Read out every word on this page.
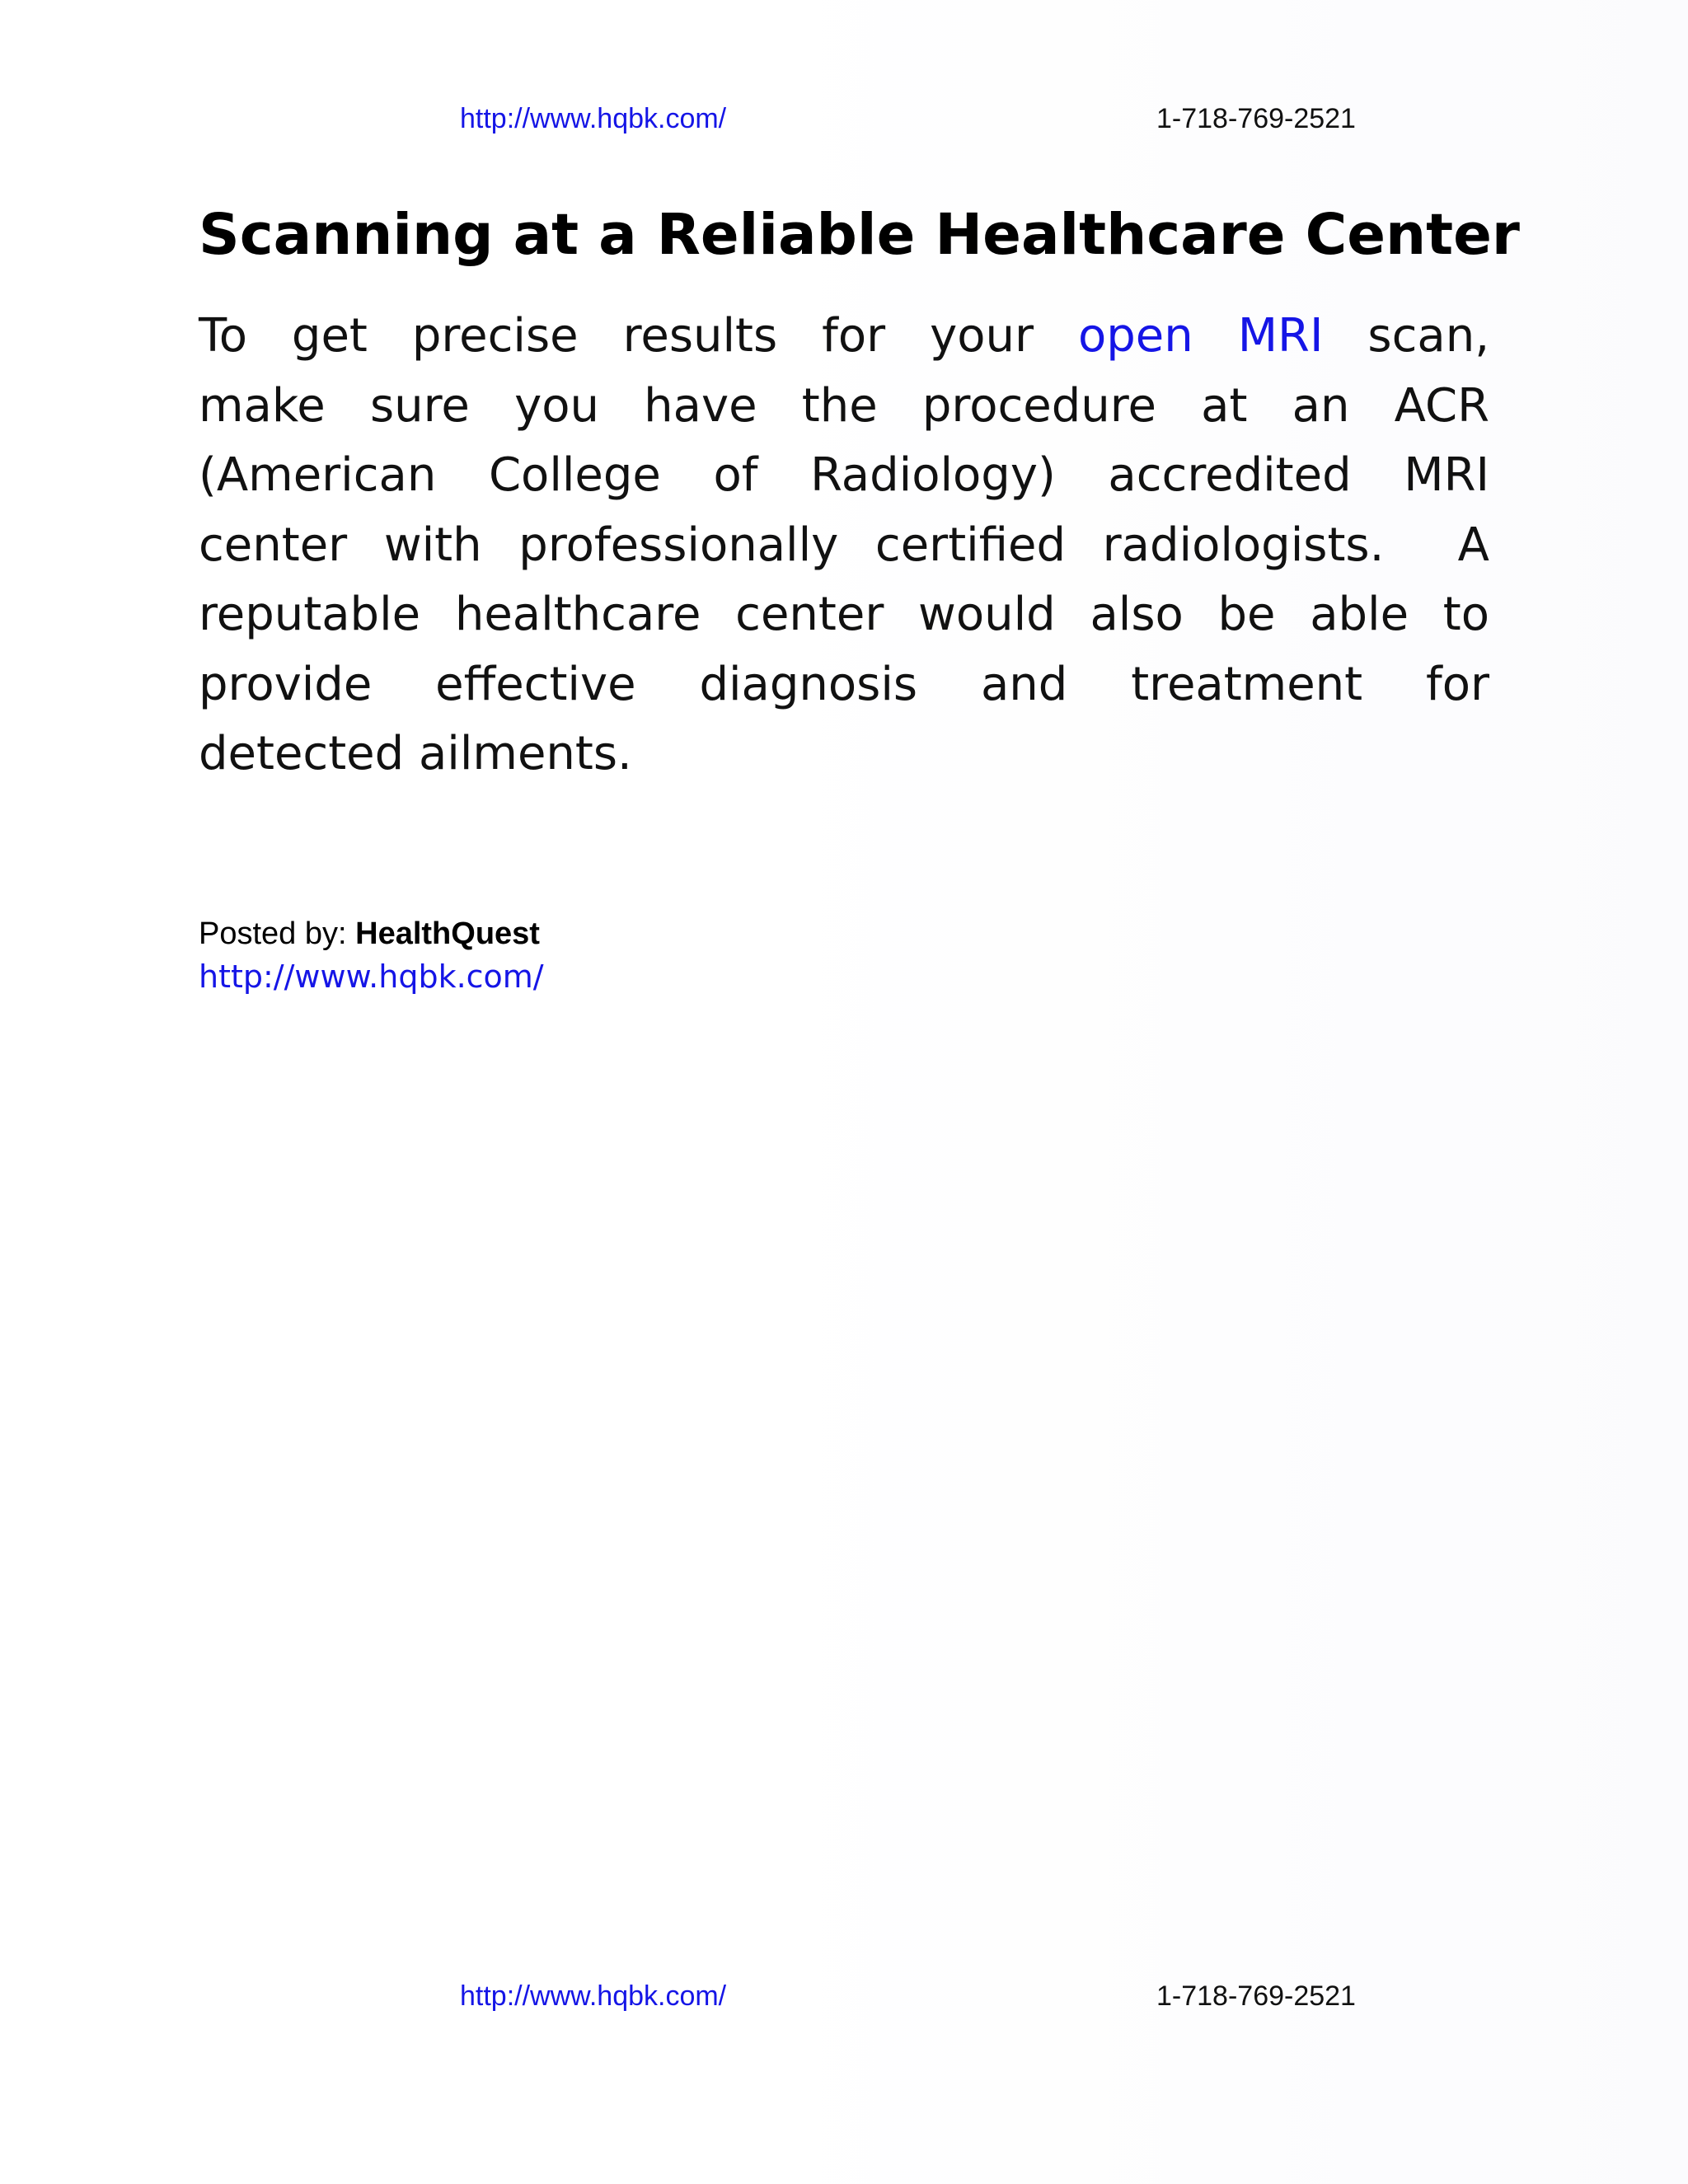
http://www.hqbk.com/	1-718-769-2521
Scanning at a Reliable Healthcare Center
To get precise results for your open MRI scan,
make sure you have the procedure at an ACR
(American College of Radiology) accredited MRI
center with professionally certified radiologists.  A
reputable healthcare center would also be able to
provide effective diagnosis and treatment for
detected ailments.
Posted by: HealthQuest
http://www.hqbk.com/
http://www.hqbk.com/	1-718-769-2521
